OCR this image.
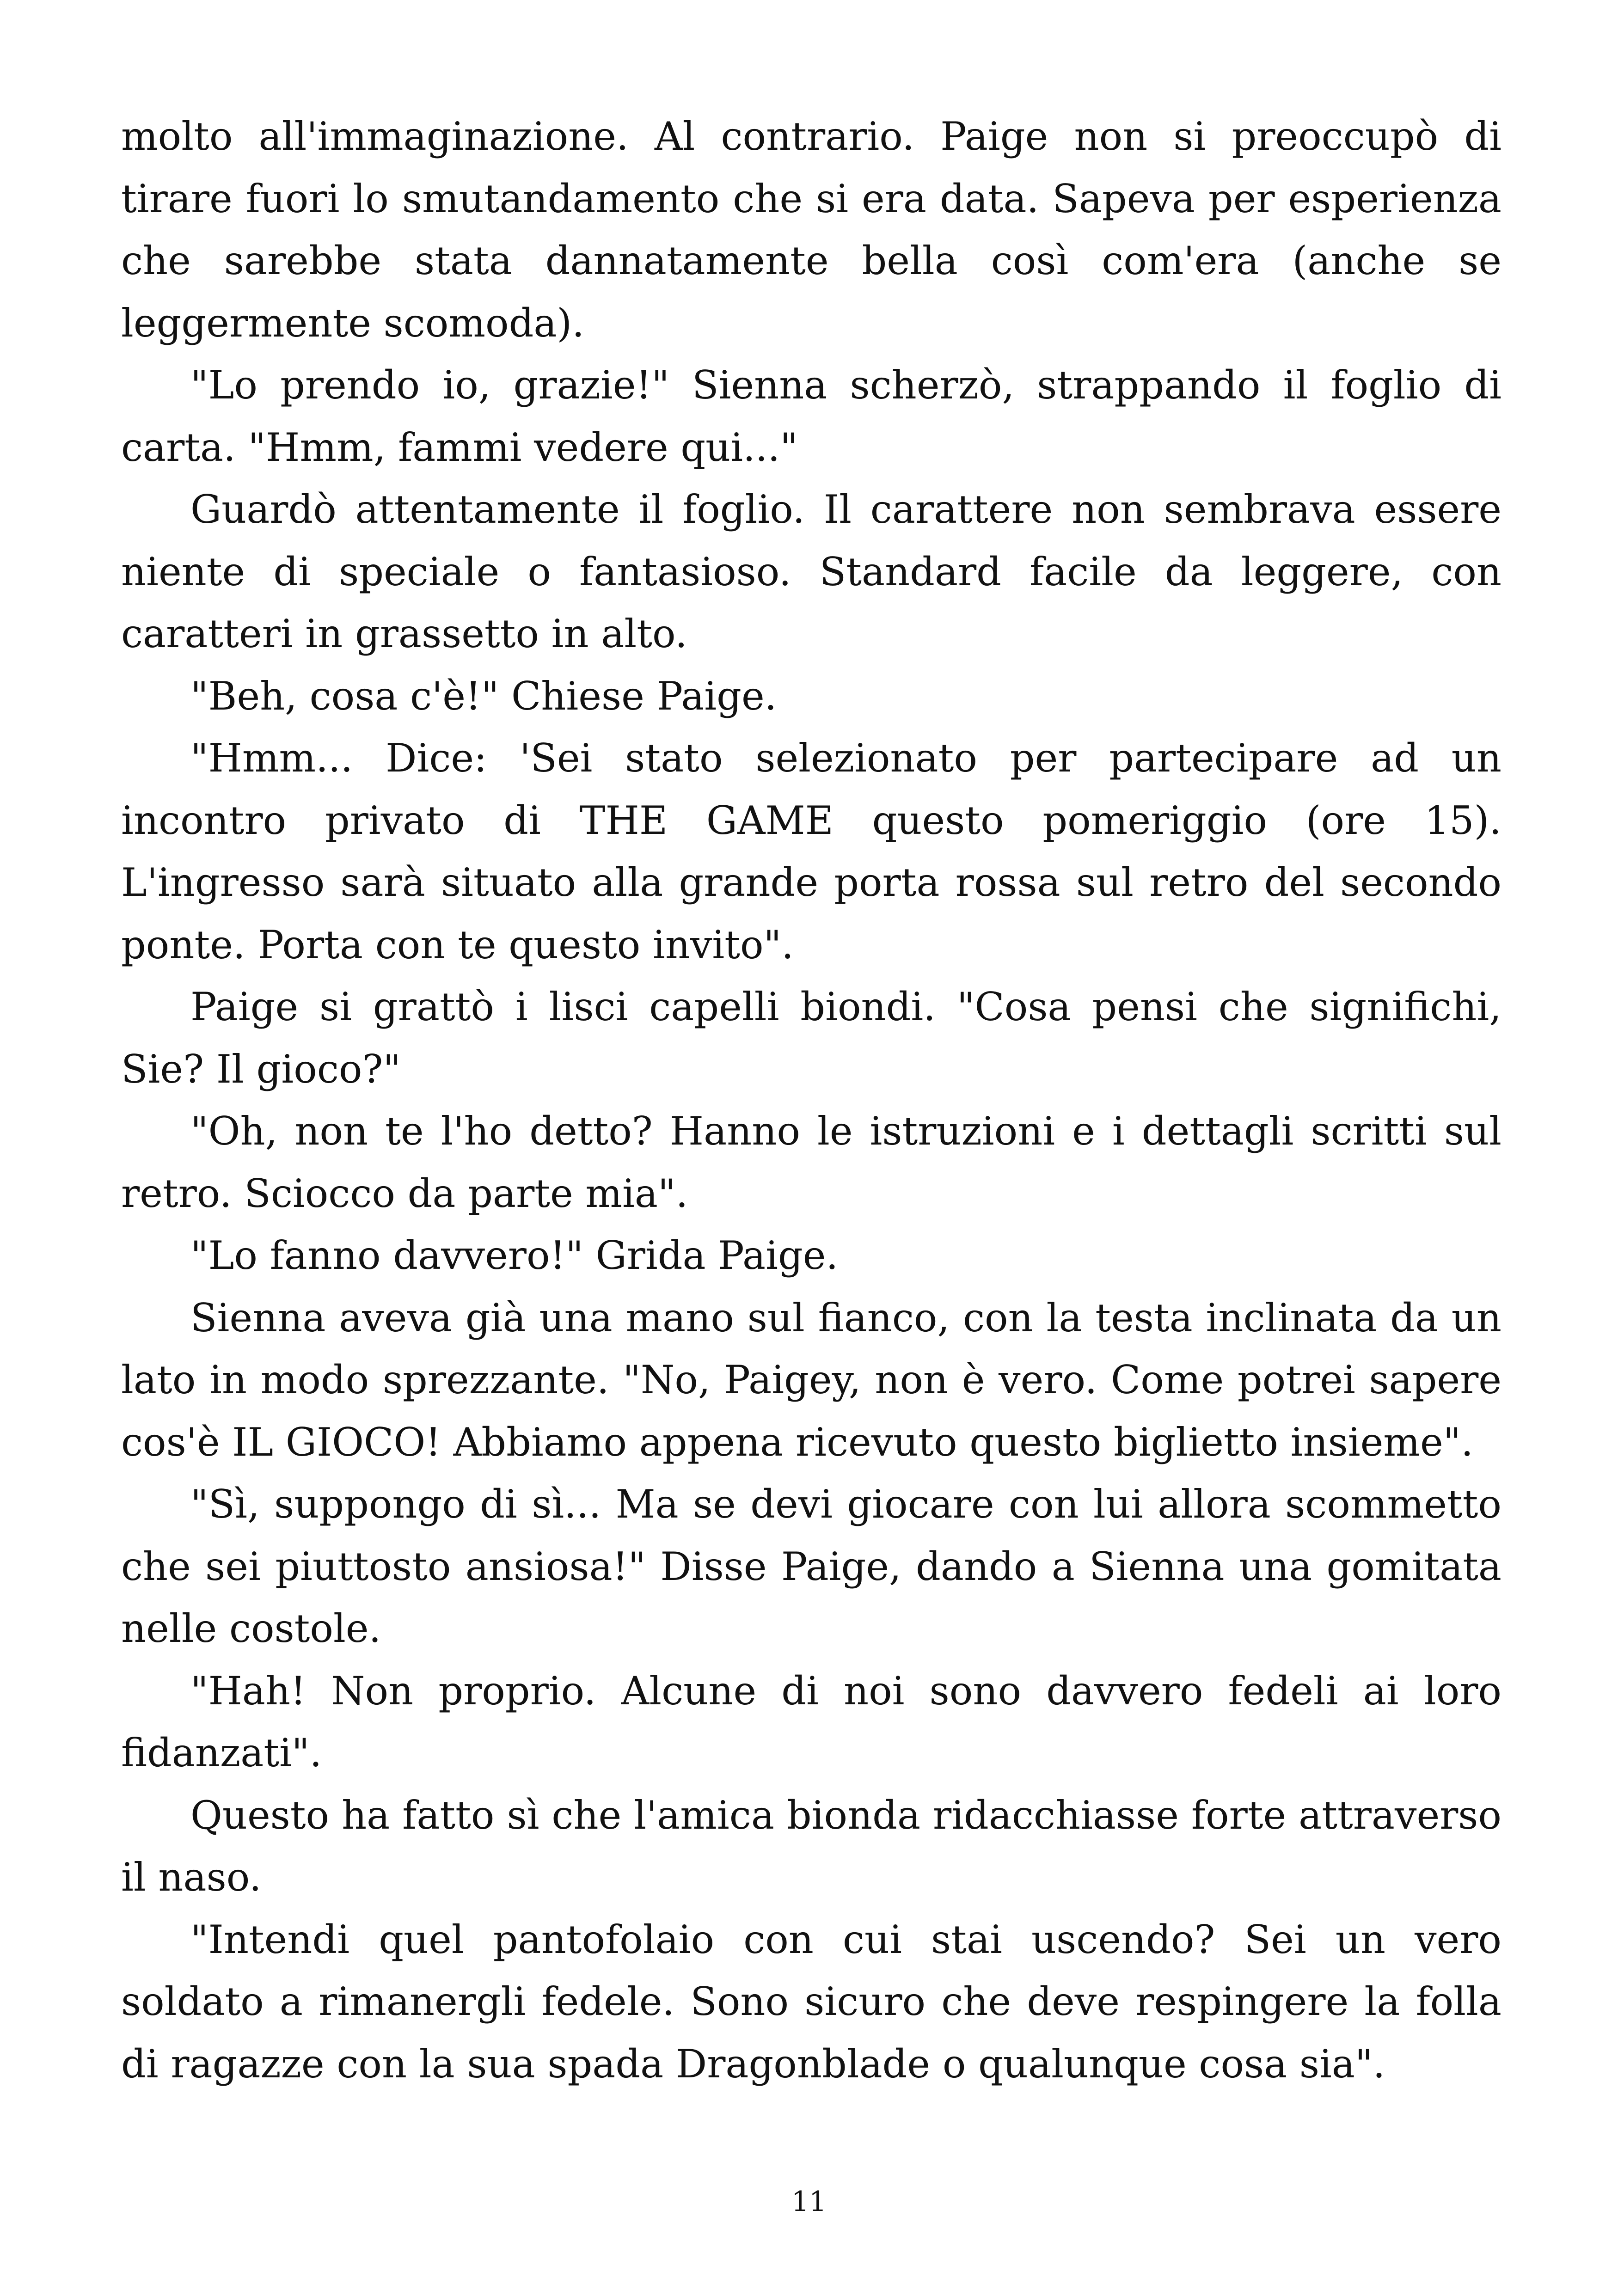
molto all'immaginazione. Al contrario. Paige non si preoccupò di tirare fuori lo smutandamento che si era data. Sapeva per esperienza che sarebbe stata dannatamente bella così com'era (anche se leggermente scomoda).

"Lo prendo io, grazie!" Sienna scherzò, strappando il foglio di carta. "Hmm, fammi vedere qui..."

Guardò attentamente il foglio. Il carattere non sembrava essere niente di speciale o fantasioso. Standard facile da leggere, con caratteri in grassetto in alto.

"Beh, cosa c'è!" Chiese Paige.

"Hmm... Dice: 'Sei stato selezionato per partecipare ad un incontro privato di THE GAME questo pomeriggio (ore 15). L'ingresso sarà situato alla grande porta rossa sul retro del secondo ponte. Porta con te questo invito".

Paige si grattò i lisci capelli biondi. "Cosa pensi che significhi, Sie? Il gioco?"

"Oh, non te l'ho detto? Hanno le istruzioni e i dettagli scritti sul retro. Sciocco da parte mia".

"Lo fanno davvero!" Grida Paige.

Sienna aveva già una mano sul fianco, con la testa inclinata da un lato in modo sprezzante. "No, Paigey, non è vero. Come potrei sapere cos'è IL GIOCO! Abbiamo appena ricevuto questo biglietto insieme".

"Sì, suppongo di sì... Ma se devi giocare con lui allora scommetto che sei piuttosto ansiosa!" Disse Paige, dando a Sienna una gomitata nelle costole.

"Hah! Non proprio. Alcune di noi sono davvero fedeli ai loro fidanzati".

Questo ha fatto sì che l'amica bionda ridacchiasse forte attraverso il naso.

"Intendi quel pantofolaio con cui stai uscendo? Sei un vero soldato a rimanergli fedele. Sono sicuro che deve respingere la folla di ragazze con la sua spada Dragonblade o qualunque cosa sia".

11
